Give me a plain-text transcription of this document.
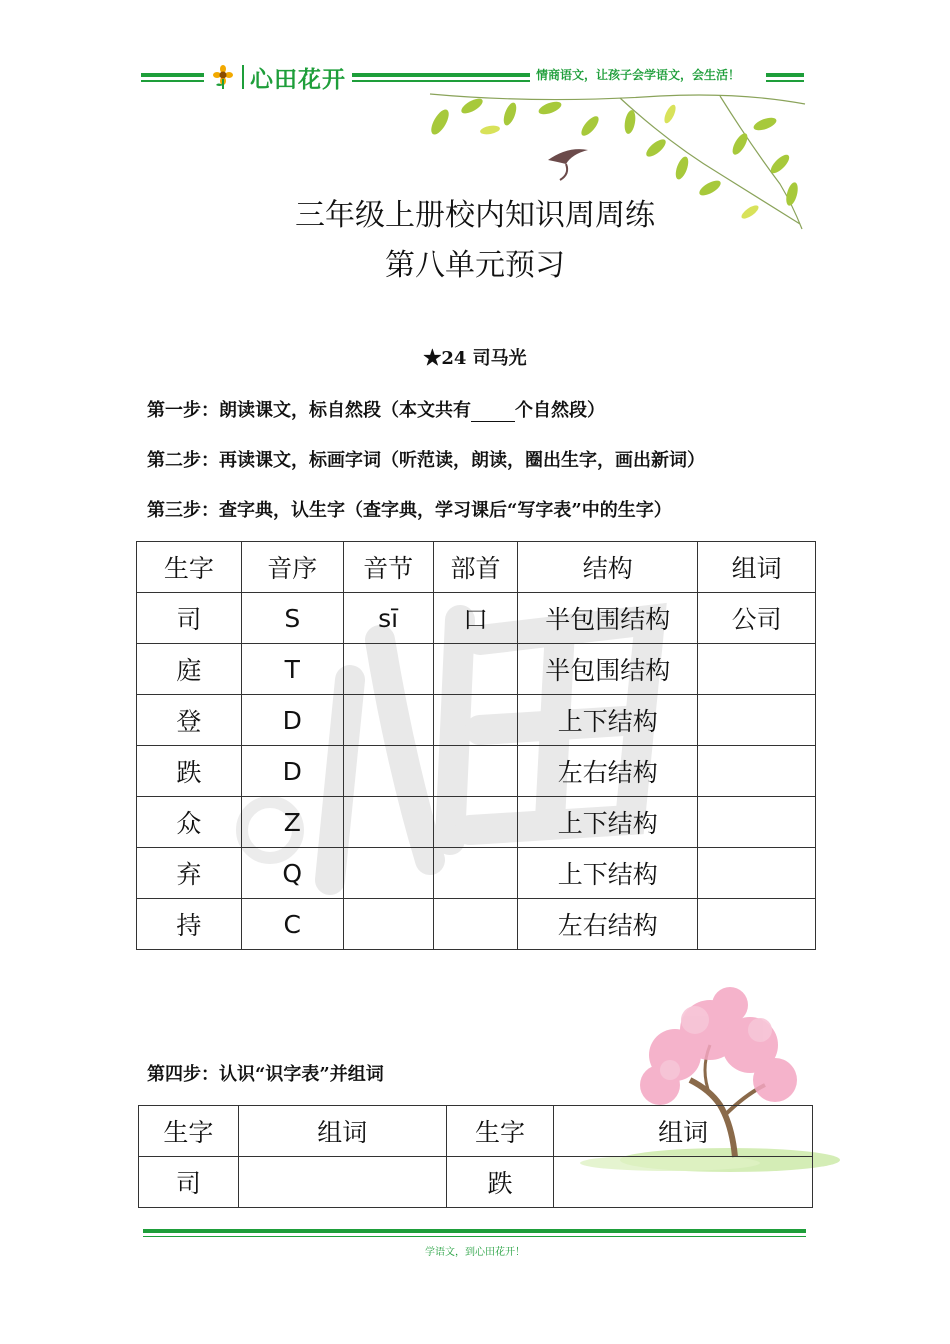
心田花开	情商语文，让孩子会学语文，会生活！
三年级上册校内知识周周练
第八单元预习
★24 司马光
第一步：朗读课文，标自然段（本文共有 个自然段）
第二步：再读课文，标画字词（听范读，朗读，圈出生字，画出新词）
第三步：查字典，认生字（查字典，学习课后“写字表”中的生字）
生字	音序	音节	部首	结构	组词
司	S	sī	口	半包围结构	公司
庭	T			半包围结构	
登	D			上下结构	
跌	D			左右结构	
众	Z			上下结构	
弃	Q			上下结构	
持	C			左右结构	
第四步：认识“识字表”并组词
生字	组词	生字	组词
司		跌	
学语文，到心田花开！
